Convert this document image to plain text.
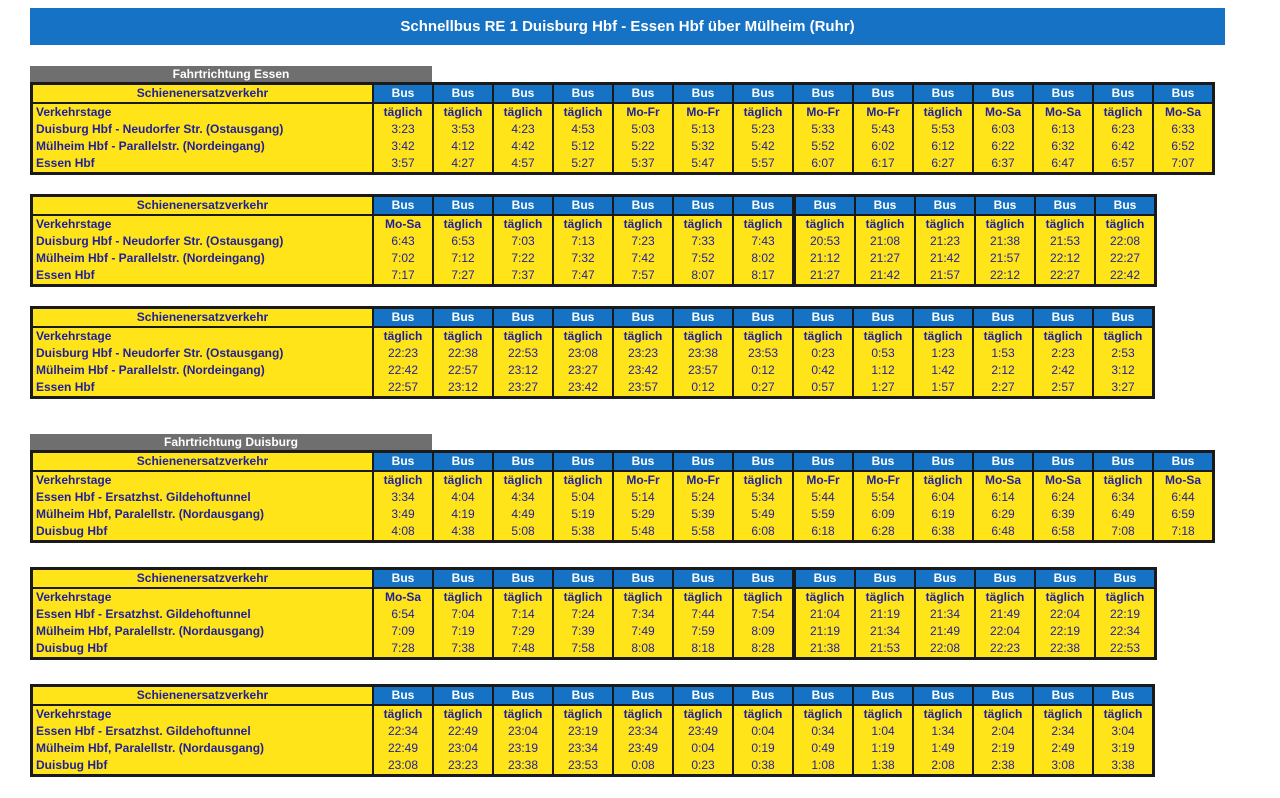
Schnellbus RE 1 Duisburg Hbf - Essen Hbf über Mülheim (Ruhr)
Fahrtrichtung Essen
Schienenersatzverkehr	Bus	Bus	Bus	Bus	Bus	Bus	Bus	Bus	Bus	Bus	Bus	Bus	Bus	Bus
Verkehrstage	täglich	täglich	täglich	täglich	Mo-Fr	Mo-Fr	täglich	Mo-Fr	Mo-Fr	täglich	Mo-Sa	Mo-Sa	täglich	Mo-Sa
Duisburg Hbf - Neudorfer Str. (Ostausgang)	3:23	3:53	4:23	4:53	5:03	5:13	5:23	5:33	5:43	5:53	6:03	6:13	6:23	6:33
Mülheim Hbf - Parallelstr. (Nordeingang)	3:42	4:12	4:42	5:12	5:22	5:32	5:42	5:52	6:02	6:12	6:22	6:32	6:42	6:52
Essen Hbf	3:57	4:27	4:57	5:27	5:37	5:47	5:57	6:07	6:17	6:27	6:37	6:47	6:57	7:07
Schienenersatzverkehr	Bus	Bus	Bus	Bus	Bus	Bus	Bus		Bus	Bus	Bus	Bus	Bus	Bus
Verkehrstage	Mo-Sa	täglich	täglich	täglich	täglich	täglich	täglich		täglich	täglich	täglich	täglich	täglich	täglich
Duisburg Hbf - Neudorfer Str. (Ostausgang)	6:43	6:53	7:03	7:13	7:23	7:33	7:43		20:53	21:08	21:23	21:38	21:53	22:08
Mülheim Hbf - Parallelstr. (Nordeingang)	7:02	7:12	7:22	7:32	7:42	7:52	8:02		21:12	21:27	21:42	21:57	22:12	22:27
Essen Hbf	7:17	7:27	7:37	7:47	7:57	8:07	8:17		21:27	21:42	21:57	22:12	22:27	22:42
Schienenersatzverkehr	Bus	Bus	Bus	Bus	Bus	Bus	Bus	Bus	Bus	Bus	Bus	Bus	Bus
Verkehrstage	täglich	täglich	täglich	täglich	täglich	täglich	täglich	täglich	täglich	täglich	täglich	täglich	täglich
Duisburg Hbf - Neudorfer Str. (Ostausgang)	22:23	22:38	22:53	23:08	23:23	23:38	23:53	0:23	0:53	1:23	1:53	2:23	2:53
Mülheim Hbf - Parallelstr. (Nordeingang)	22:42	22:57	23:12	23:27	23:42	23:57	0:12	0:42	1:12	1:42	2:12	2:42	3:12
Essen Hbf	22:57	23:12	23:27	23:42	23:57	0:12	0:27	0:57	1:27	1:57	2:27	2:57	3:27
Fahrtrichtung Duisburg
Schienenersatzverkehr	Bus	Bus	Bus	Bus	Bus	Bus	Bus	Bus	Bus	Bus	Bus	Bus	Bus	Bus
Verkehrstage	täglich	täglich	täglich	täglich	Mo-Fr	Mo-Fr	täglich	Mo-Fr	Mo-Fr	täglich	Mo-Sa	Mo-Sa	täglich	Mo-Sa
Essen Hbf - Ersatzhst. Gildehoftunnel	3:34	4:04	4:34	5:04	5:14	5:24	5:34	5:44	5:54	6:04	6:14	6:24	6:34	6:44
Mülheim Hbf, Paralellstr. (Nordausgang)	3:49	4:19	4:49	5:19	5:29	5:39	5:49	5:59	6:09	6:19	6:29	6:39	6:49	6:59
Duisbug Hbf	4:08	4:38	5:08	5:38	5:48	5:58	6:08	6:18	6:28	6:38	6:48	6:58	7:08	7:18
Schienenersatzverkehr	Bus	Bus	Bus	Bus	Bus	Bus	Bus		Bus	Bus	Bus	Bus	Bus	Bus
Verkehrstage	Mo-Sa	täglich	täglich	täglich	täglich	täglich	täglich		täglich	täglich	täglich	täglich	täglich	täglich
Essen Hbf - Ersatzhst. Gildehoftunnel	6:54	7:04	7:14	7:24	7:34	7:44	7:54		21:04	21:19	21:34	21:49	22:04	22:19
Mülheim Hbf, Paralellstr. (Nordausgang)	7:09	7:19	7:29	7:39	7:49	7:59	8:09		21:19	21:34	21:49	22:04	22:19	22:34
Duisbug Hbf	7:28	7:38	7:48	7:58	8:08	8:18	8:28		21:38	21:53	22:08	22:23	22:38	22:53
Schienenersatzverkehr	Bus	Bus	Bus	Bus	Bus	Bus	Bus	Bus	Bus	Bus	Bus	Bus	Bus
Verkehrstage	täglich	täglich	täglich	täglich	täglich	täglich	täglich	täglich	täglich	täglich	täglich	täglich	täglich
Essen Hbf - Ersatzhst. Gildehoftunnel	22:34	22:49	23:04	23:19	23:34	23:49	0:04	0:34	1:04	1:34	2:04	2:34	3:04
Mülheim Hbf, Paralellstr. (Nordausgang)	22:49	23:04	23:19	23:34	23:49	0:04	0:19	0:49	1:19	1:49	2:19	2:49	3:19
Duisbug Hbf	23:08	23:23	23:38	23:53	0:08	0:23	0:38	1:08	1:38	2:08	2:38	3:08	3:38
